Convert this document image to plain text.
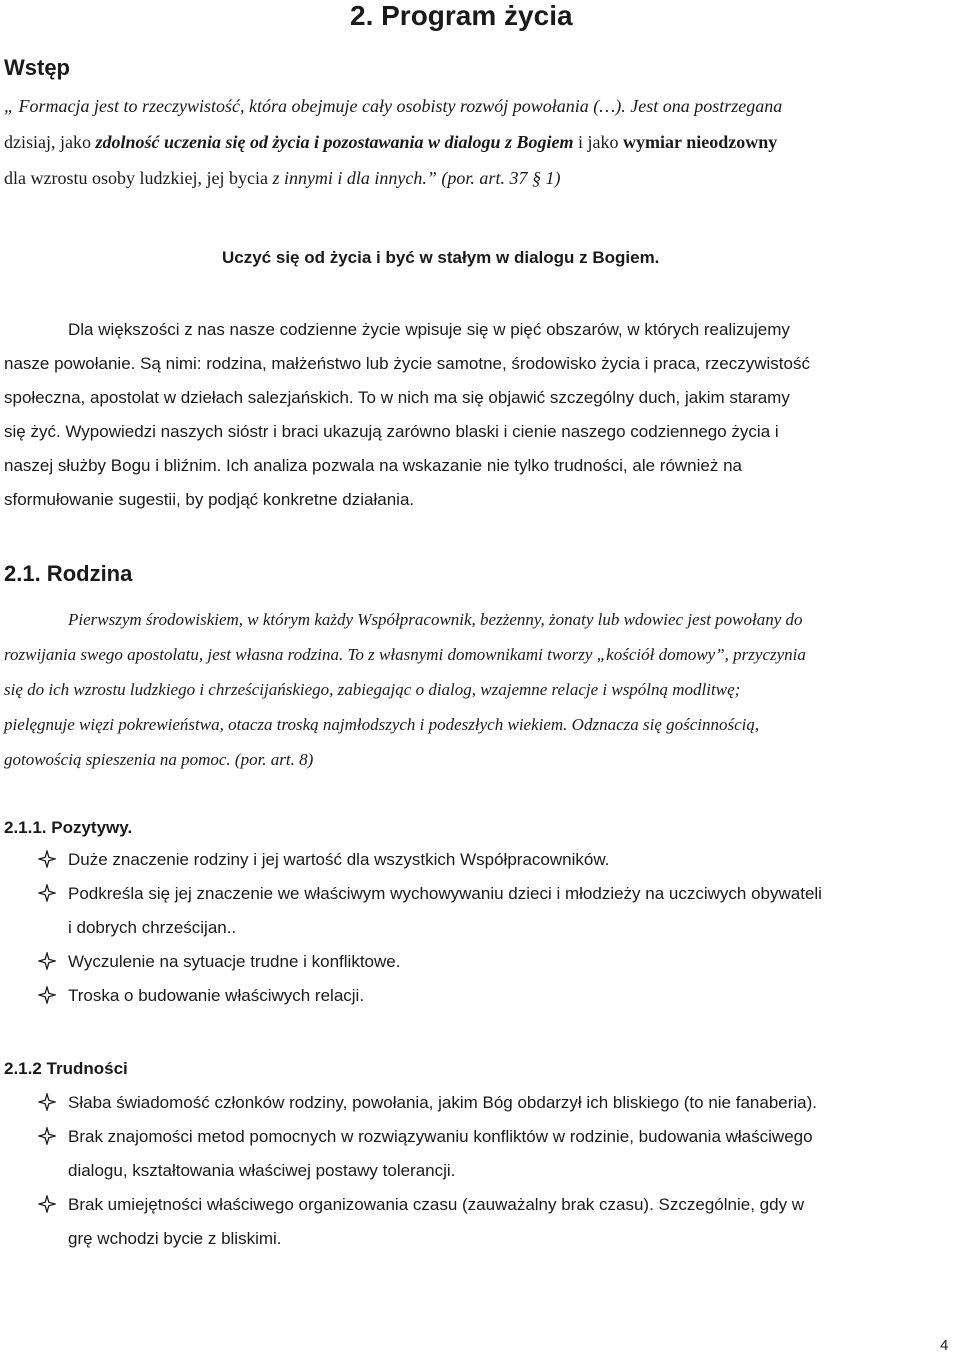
2. Program życia
Wstęp
„ Formacja jest to rzeczywistość, która obejmuje cały osobisty rozwój powołania (…). Jest ona postrzegana
dzisiaj, jako zdolność uczenia się od życia i pozostawania w dialogu z Bogiem i jako wymiar nieodzowny
dla wzrostu osoby ludzkiej, jej bycia z innymi i dla innych.” (por. art. 37 § 1)
Uczyć się od życia i być w stałym w dialogu z Bogiem.
Dla większości z nas nasze codzienne życie wpisuje się w pięć obszarów, w których realizujemy
nasze powołanie. Są nimi: rodzina, małżeństwo lub życie samotne, środowisko życia i praca, rzeczywistość
społeczna, apostolat w dziełach salezjańskich. To w nich ma się objawić szczególny duch, jakim staramy
się żyć. Wypowiedzi naszych sióstr i braci ukazują zarówno blaski i cienie naszego codziennego życia i
naszej służby Bogu i bliźnim. Ich analiza pozwala na wskazanie nie tylko trudności, ale również na
sformułowanie sugestii, by podjąć konkretne działania.
2.1. Rodzina
Pierwszym środowiskiem, w którym każdy Współpracownik, bezżenny, żonaty lub wdowiec jest powołany do
rozwijania swego apostolatu, jest własna rodzina. To z własnymi domownikami tworzy „kościół domowy”, przyczynia
się do ich wzrostu ludzkiego i chrześcijańskiego, zabiegając o dialog, wzajemne relacje i wspólną modlitwę;
pielęgnuje więzi pokrewieństwa, otacza troską najmłodszych i podeszłych wiekiem. Odznacza się gościnnością,
gotowością spieszenia na pomoc. (por. art. 8)
2.1.1. Pozytywy.
Duże znaczenie rodziny i jej wartość dla wszystkich Współpracowników.
Podkreśla się jej znaczenie we właściwym wychowywaniu dzieci i młodzieży na uczciwych obywateli
i dobrych chrześcijan..
Wyczulenie na sytuacje trudne i konfliktowe.
Troska o budowanie właściwych relacji.
2.1.2 Trudności
Słaba świadomość członków rodziny, powołania, jakim Bóg obdarzył ich bliskiego (to nie fanaberia).
Brak znajomości metod pomocnych w rozwiązywaniu konfliktów w rodzinie, budowania właściwego
dialogu, kształtowania właściwej postawy tolerancji.
Brak umiejętności właściwego organizowania czasu (zauważalny brak czasu). Szczególnie, gdy w
grę wchodzi bycie z bliskimi.
4
